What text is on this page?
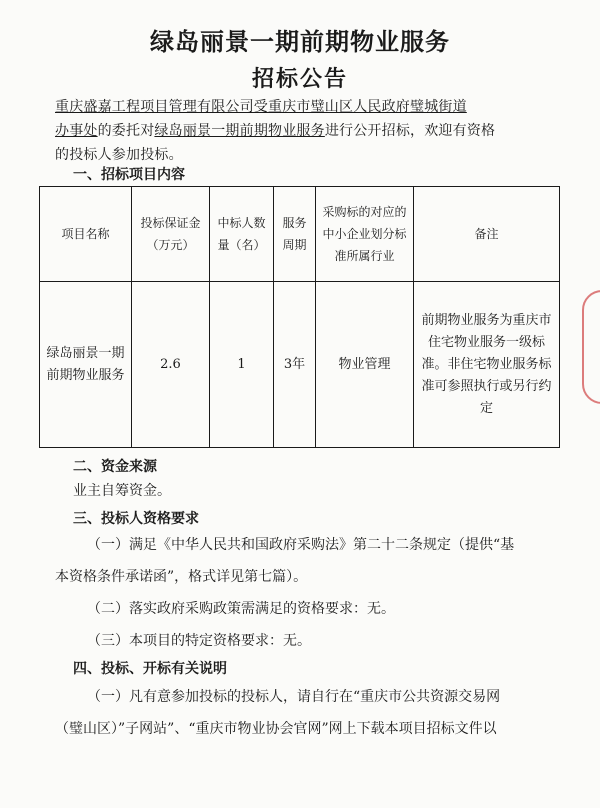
绿岛丽景一期前期物业服务
招标公告
重庆盛嘉工程项目管理有限公司受重庆市璧山区人民政府璧城街道
办事处的委托对绿岛丽景一期前期物业服务进行公开招标，欢迎有资格
的投标人参加投标。
一、招标项目内容
项目名称	投标保证金（万元）	中标人数量（名）	服务周期	采购标的对应的中小企业划分标准所属行业	备注
绿岛丽景一期前期物业服务	2.6	1	3年	物业管理	前期物业服务为重庆市住宅物业服务一级标准。非住宅物业服务标准可参照执行或另行约定
二、资金来源
业主自筹资金。
三、投标人资格要求
（一）满足《中华人民共和国政府采购法》第二十二条规定（提供“基
本资格条件承诺函”，格式详见第七篇）。
（二）落实政府采购政策需满足的资格要求：无。
（三）本项目的特定资格要求：无。
四、投标、开标有关说明
（一）凡有意参加投标的投标人，请自行在“重庆市公共资源交易网
（璧山区）”子网站”、“重庆市物业协会官网”网上下载本项目招标文件以
